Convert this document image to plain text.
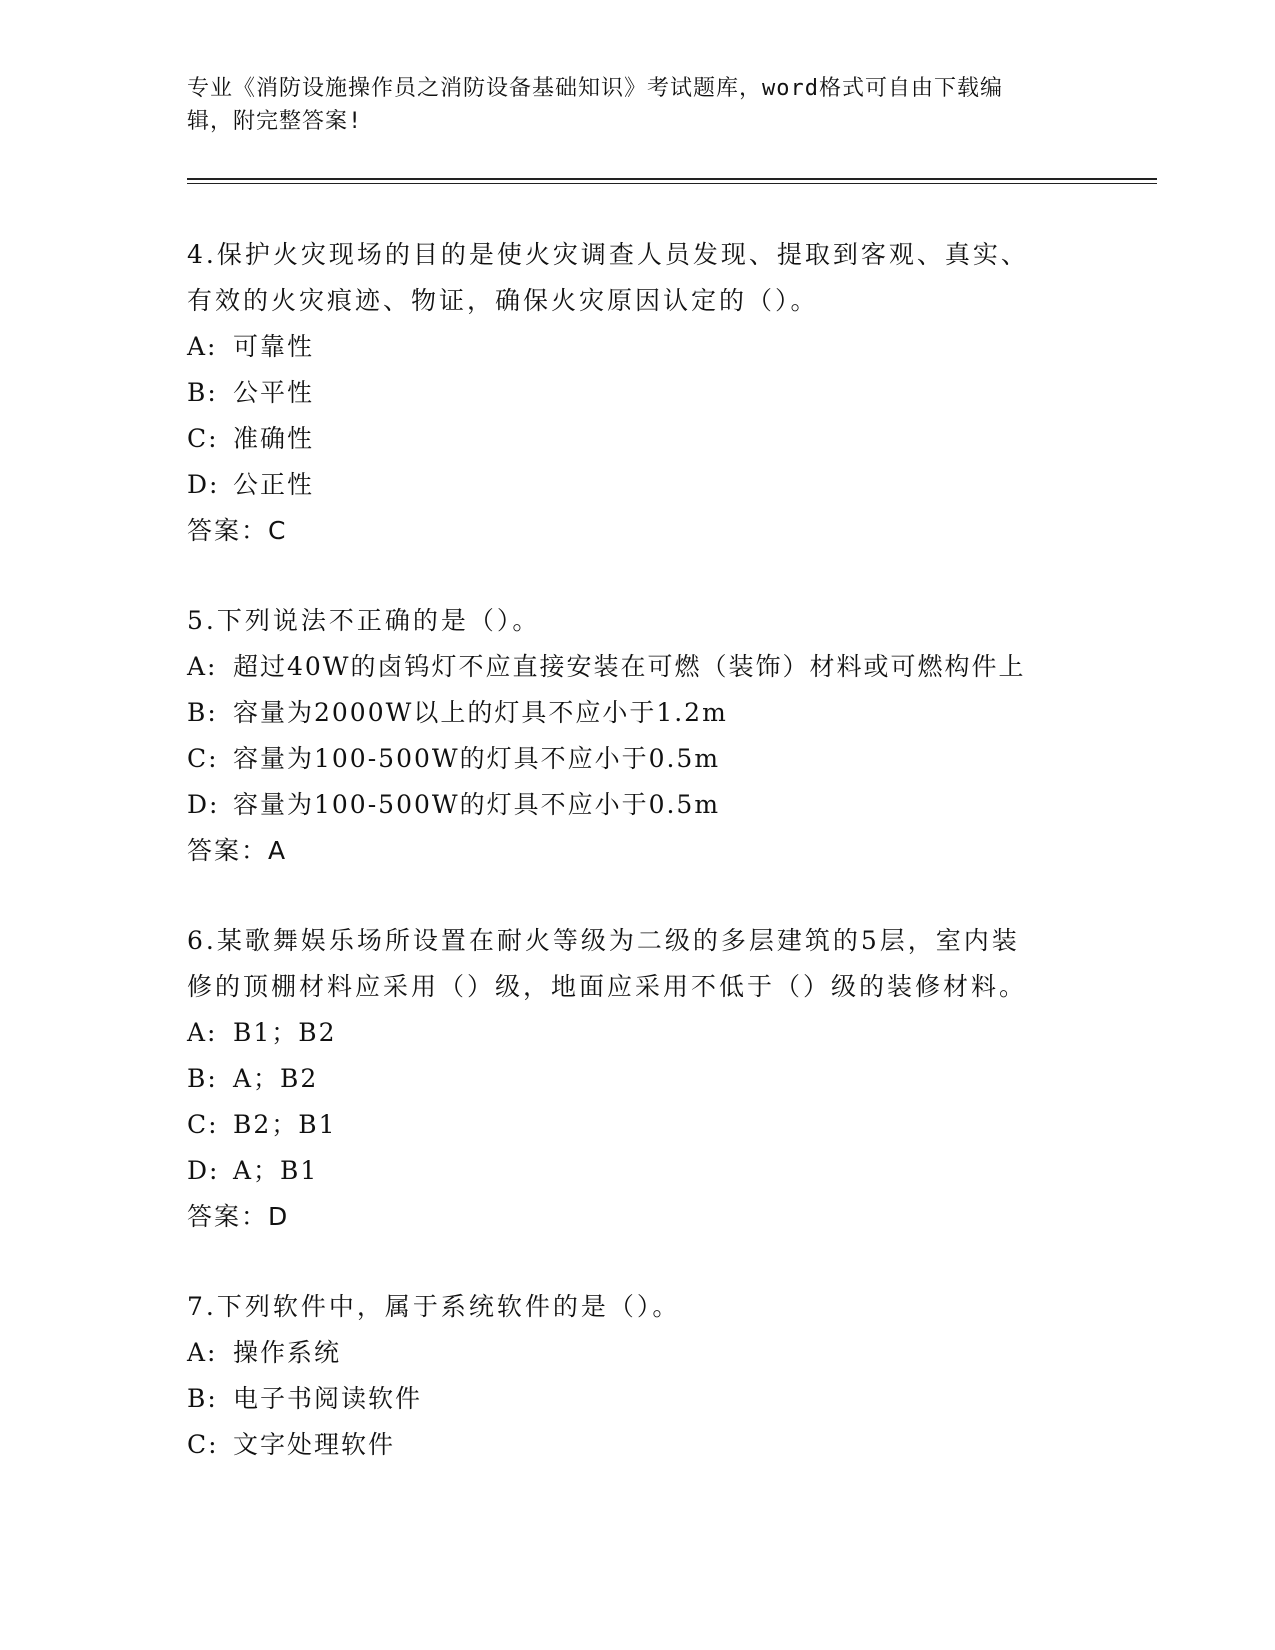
专业《消防设施操作员之消防设备基础知识》考试题库，word格式可自由下载编
辑，附完整答案!

4.保护火灾现场的目的是使火灾调查人员发现、提取到客观、真实、

有效的火灾痕迹、物证，确保火灾原因认定的（）。

A: 可靠性

B: 公平性

C: 准确性

D: 公正性

答案：C

5.下列说法不正确的是（）。

A: 超过40W的卤钨灯不应直接安装在可燃（装饰）材料或可燃构件上

B: 容量为2000W以上的灯具不应小于1.2m

C: 容量为100-500W的灯具不应小于0.5m

D: 容量为100-500W的灯具不应小于0.5m

答案：A

6.某歌舞娱乐场所设置在耐火等级为二级的多层建筑的5层，室内装

修的顶棚材料应采用（）级，地面应采用不低于（）级的装修材料。

A: B1；B2

B: A；B2

C: B2；B1

D: A；B1

答案：D

7.下列软件中，属于系统软件的是（）。

A: 操作系统

B: 电子书阅读软件

C: 文字处理软件
